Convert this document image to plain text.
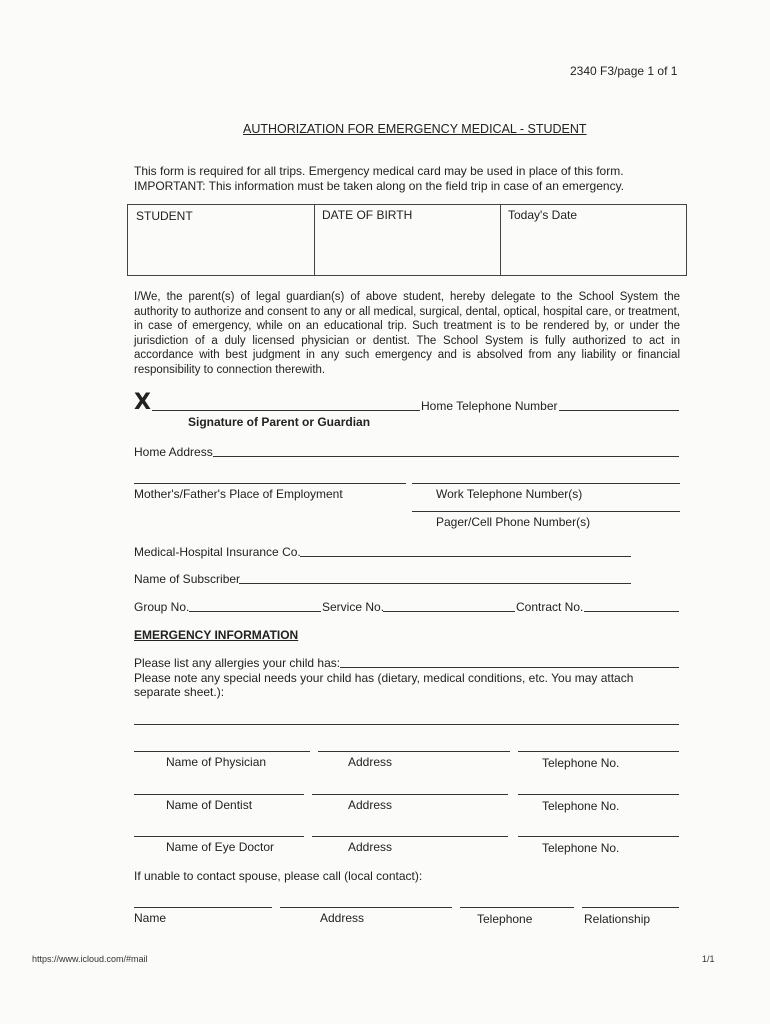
2340 F3/page 1 of 1
AUTHORIZATION FOR EMERGENCY MEDICAL - STUDENT
This form is required for all trips. Emergency medical card may be used in place of this form.
IMPORTANT: This information must be taken along on the field trip in case of an emergency.
STUDENT	DATE OF BIRTH	Today's Date
I/We, the parent(s) of legal guardian(s) of above student, hereby delegate to the School System the authority to authorize and consent to any or all medical, surgical, dental, optical, hospital care, or treatment, in case of emergency, while on an educational trip. Such treatment is to be rendered by, or under the jurisdiction of a duly licensed physician or dentist. The School System is fully authorized to act in accordance with best judgment in any such emergency and is absolved from any liability or financial responsibility to connection therewith.
X	Home Telephone Number
Signature of Parent or Guardian
Home Address
Mother's/Father's Place of Employment	Work Telephone Number(s)
Pager/Cell Phone Number(s)
Medical-Hospital Insurance Co.
Name of Subscriber
Group No.	Service No.	Contract No.
EMERGENCY INFORMATION
Please list any allergies your child has:
Please note any special needs your child has (dietary, medical conditions, etc. You may attach
separate sheet.):
Name of Physician	Address	Telephone No.
Name of Dentist	Address	Telephone No.
Name of Eye Doctor	Address	Telephone No.
If unable to contact spouse, please call (local contact):
Name	Address	Telephone	Relationship
https://www.icloud.com/#mail	1/1
